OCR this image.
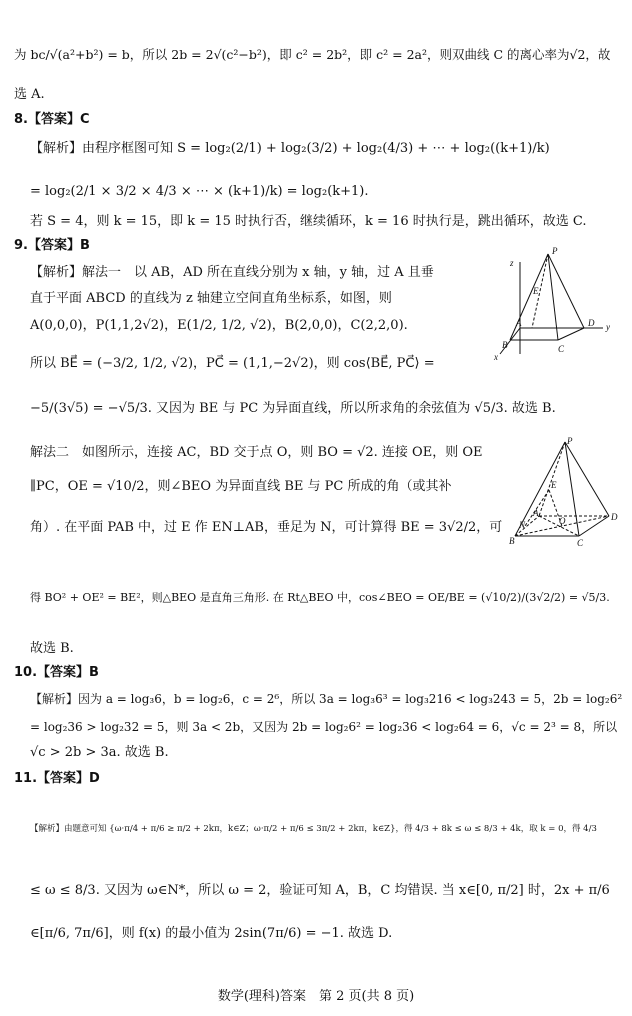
为 bc/√(a²+b²) = b，所以 2b = 2√(c²−b²)，即 c² = 2b²，即 c² = 2a²，则双曲线 C 的离心率为√2，故
选 A.
8.【答案】C
【解析】由程序框图可知 S = log₂(2/1) + log₂(3/2) + log₂(4/3) + ⋯ + log₂((k+1)/k)
= log₂(2/1 × 3/2 × 4/3 × ⋯ × (k+1)/k) = log₂(k+1).
若 S = 4，则 k = 15，即 k = 15 时执行否，继续循环，k = 16 时执行是，跳出循环，故选 C.
9.【答案】B
【解析】解法一　以 AB，AD 所在直线分别为 x 轴，y 轴，过 A 且垂
直于平面 ABCD 的直线为 z 轴建立空间直角坐标系，如图，则
A(0,0,0)，P(1,1,2√2)，E(1/2, 1/2, √2)，B(2,0,0)，C(2,2,0).
所以 BE⃗ = (−3/2, 1/2, √2)，PC⃗ = (1,1,−2√2)，则 cos⟨BE⃗, PC⃗⟩ =
−5/(3√5) = −√5/3. 又因为 BE 与 PC 为异面直线，所以所求角的余弦值为 √5/3. 故选 B.
解法二　如图所示，连接 AC，BD 交于点 O，则 BO = √2. 连接 OE，则 OE
∥PC，OE = √10/2，则∠BEO 为异面直线 BE 与 PC 所成的角（或其补
角）. 在平面 PAB 中，过 E 作 EN⊥AB，垂足为 N，可计算得 BE = 3√2/2，可
得 BO² + OE² = BE²，则△BEO 是直角三角形. 在 Rt△BEO 中，cos∠BEO = OE/BE = (√10/2)/(3√2/2) = √5/3.
故选 B.
10.【答案】B
【解析】因为 a = log₃6，b = log₂6，c = 2⁶，所以 3a = log₃6³ = log₃216 < log₃243 = 5，2b = log₂6²
= log₂36 > log₂32 = 5，则 3a < 2b，又因为 2b = log₂6² = log₂36 < log₂64 = 6，√c = 2³ = 8，所以
√c > 2b > 3a. 故选 B.
11.【答案】D
【解析】由题意可知 {ω·π/4 + π/6 ≥ π/2 + 2kπ，k∈Z；ω·π/2 + π/6 ≤ 3π/2 + 2kπ，k∈Z}，得 4/3 + 8k ≤ ω ≤ 8/3 + 4k，取 k = 0，得 4/3
≤ ω ≤ 8/3. 又因为 ω∈N*，所以 ω = 2，验证可知 A，B，C 均错误. 当 x∈[0, π/2] 时，2x + π/6
∈[π/6, 7π/6]，则 f(x) 的最小值为 2sin(7π/6) = −1. 故选 D.
P
z
E
A	D y
B	C
x
P
E
A
N	O	D
B	C
数学(理科)答案　第 2 页(共 8 页)
